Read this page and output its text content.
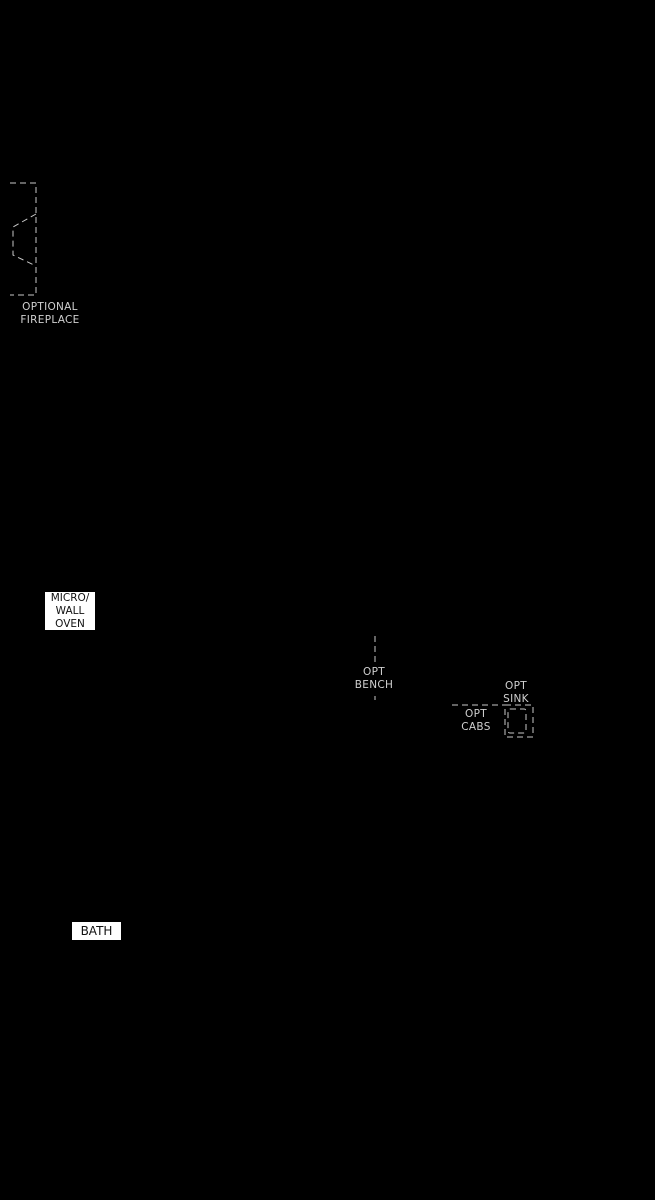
OPTIONAL
FIREPLACE
MICRO/
WALL
OVEN
OPT
BENCH	OPT
SINK
OPT
CABS
BATH
